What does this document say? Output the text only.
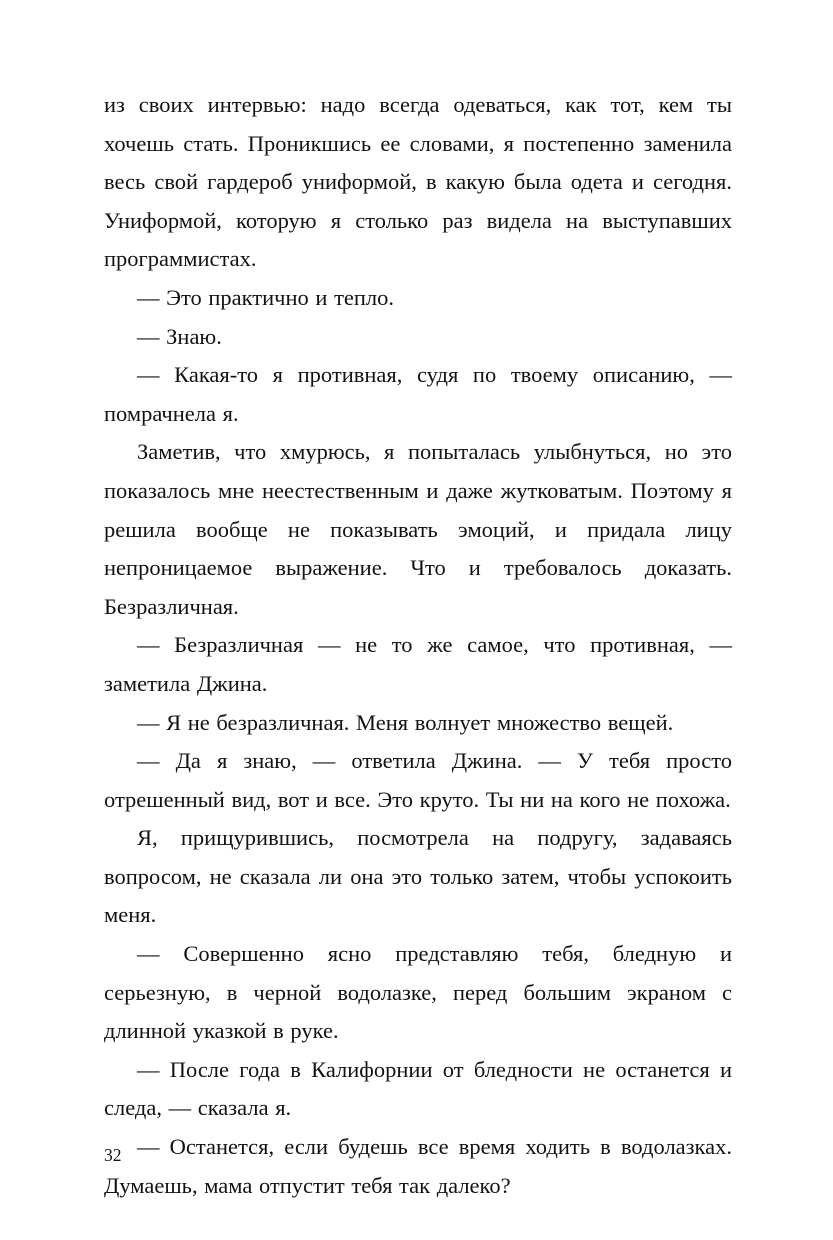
из своих интервью: надо всегда одеваться, как тот, кем ты хочешь стать. Проникшись ее словами, я постепенно заменила весь свой гардероб униформой, в какую была одета и сегодня. Униформой, которую я столько раз видела на выступавших программистах.

— Это практично и тепло.

— Знаю.

— Какая-то я противная, судя по твоему описанию, — помрачнела я.

Заметив, что хмурюсь, я попыталась улыбнуться, но это показалось мне неестественным и даже жутковатым. Поэтому я решила вообще не показывать эмоций, и придала лицу непроницаемое выражение. Что и требовалось доказать. Безразличная.

— Безразличная — не то же самое, что противная, — заметила Джина.

— Я не безразличная. Меня волнует множество вещей.

— Да я знаю, — ответила Джина. — У тебя просто отрешенный вид, вот и все. Это круто. Ты ни на кого не похожа.

Я, прищурившись, посмотрела на подругу, задаваясь вопросом, не сказала ли она это только затем, чтобы успокоить меня.

— Совершенно ясно представляю тебя, бледную и серьезную, в черной водолазке, перед большим экраном с длинной указкой в руке.

— После года в Калифорнии от бледности не останется и следа, — сказала я.

— Останется, если будешь все время ходить в водолазках. Думаешь, мама отпустит тебя так далеко?

32
